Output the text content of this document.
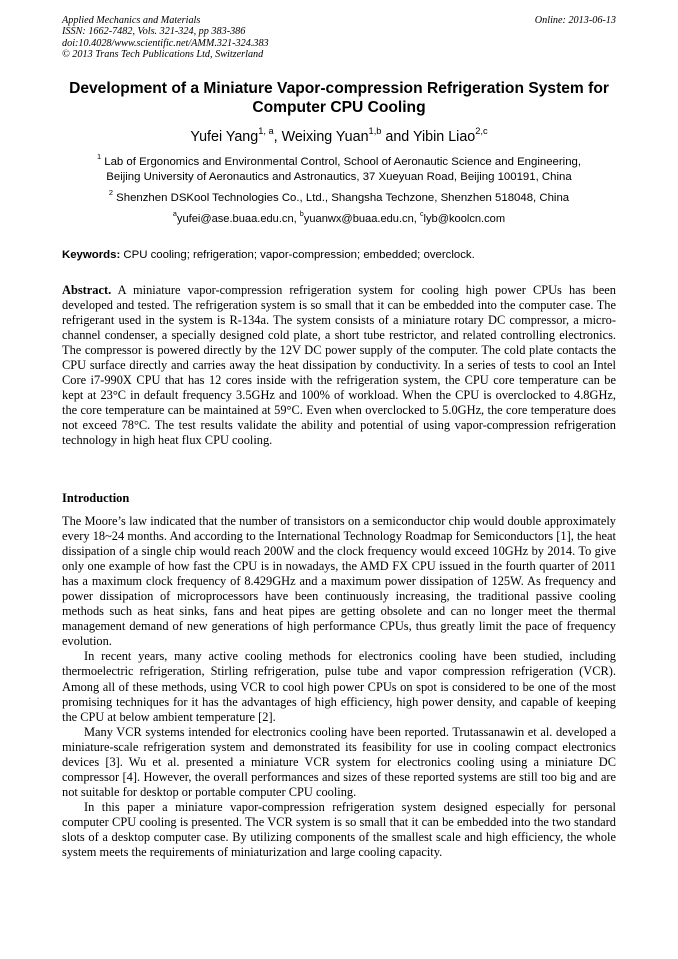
Applied Mechanics and Materials
ISSN: 1662-7482, Vols. 321-324, pp 383-386
doi:10.4028/www.scientific.net/AMM.321-324.383
© 2013 Trans Tech Publications Ltd, Switzerland
Online: 2013-06-13
Development of a Miniature Vapor-compression Refrigeration System for Computer CPU Cooling
Yufei Yang$^{1, a}$, Weixing Yuan$^{1,b}$ and Yibin Liao$^{2,c}$
$^1$ Lab of Ergonomics and Environmental Control, School of Aeronautic Science and Engineering,
Beijing University of Aeronautics and Astronautics, 37 Xueyuan Road, Beijing 100191, China
$^2$ Shenzhen DSKool Technologies Co., Ltd., Shangsha Techzone, Shenzhen 518048, China
$^a$yufei@ase.buaa.edu.cn, $^b$yuanwx@buaa.edu.cn, $^c$lyb@koolcn.com
Keywords: CPU cooling; refrigeration; vapor-compression; embedded; overclock.
Abstract. A miniature vapor-compression refrigeration system for cooling high power CPUs has been developed and tested. The refrigeration system is so small that it can be embedded into the computer case. The refrigerant used in the system is R-134a. The system consists of a miniature rotary DC compressor, a micro-channel condenser, a specially designed cold plate, a short tube restrictor, and related controlling electronics. The compressor is powered directly by the 12V DC power supply of the computer. The cold plate contacts the CPU surface directly and carries away the heat dissipation by conductivity. In a series of tests to cool an Intel Core i7-990X CPU that has 12 cores inside with the refrigeration system, the CPU core temperature can be kept at 23°C in default frequency 3.5GHz and 100% of workload. When the CPU is overclocked to 4.8GHz, the core temperature can be maintained at 59°C. Even when overclocked to 5.0GHz, the core temperature does not exceed 78°C. The test results validate the ability and potential of using vapor-compression refrigeration technology in high heat flux CPU cooling.
Introduction

The Moore’s law indicated that the number of transistors on a semiconductor chip would double approximately every 18~24 months. And according to the International Technology Roadmap for Semiconductors [1], the heat dissipation of a single chip would reach 200W and the clock frequency would exceed 10GHz by 2014. To give only one example of how fast the CPU is in nowadays, the AMD FX CPU issued in the fourth quarter of 2011 has a maximum clock frequency of 8.429GHz and a maximum power dissipation of 125W. As frequency and power dissipation of microprocessors have been continuously increasing, the traditional passive cooling methods such as heat sinks, fans and heat pipes are getting obsolete and can no longer meet the thermal management demand of new generations of high performance CPUs, thus greatly limit the pace of frequency evolution.

In recent years, many active cooling methods for electronics cooling have been studied, including thermoelectric refrigeration, Stirling refrigeration, pulse tube and vapor compression refrigeration (VCR). Among all of these methods, using VCR to cool high power CPUs on spot is considered to be one of the most promising techniques for it has the advantages of high efficiency, high power density, and capable of keeping the CPU at below ambient temperature [2].

Many VCR systems intended for electronics cooling have been reported. Trutassanawin et al. developed a miniature-scale refrigeration system and demonstrated its feasibility for use in cooling compact electronics devices [3]. Wu et al. presented a miniature VCR system for electronics cooling using a miniature DC compressor [4]. However, the overall performances and sizes of these reported systems are still too big and are not suitable for desktop or portable computer CPU cooling.

In this paper a miniature vapor-compression refrigeration system designed especially for personal computer CPU cooling is presented. The VCR system is so small that it can be embedded into the two standard slots of a desktop computer case. By utilizing components of the smallest scale and high efficiency, the whole system meets the requirements of miniaturization and large cooling capacity.
